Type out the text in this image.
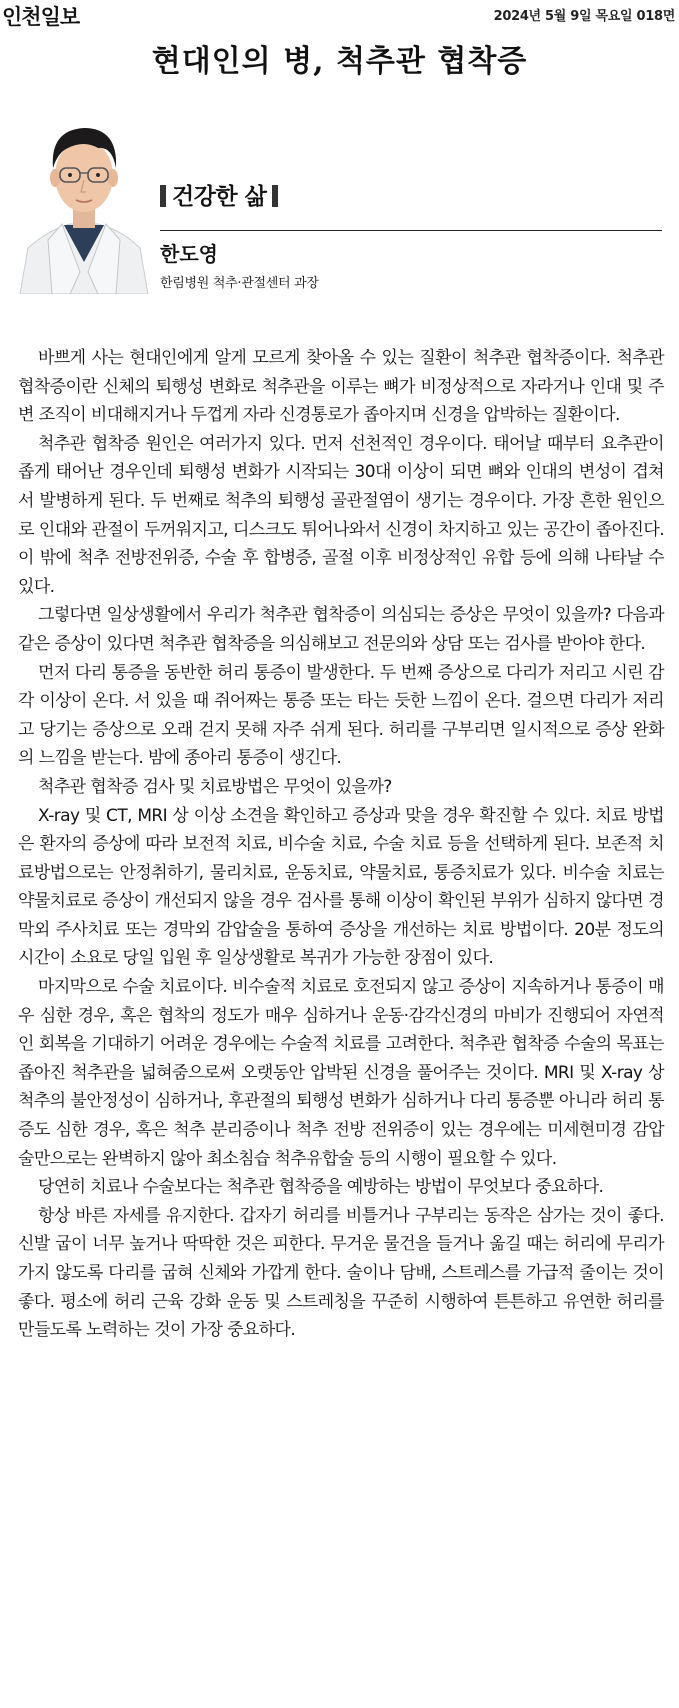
인천일보	2024년 5월 9일 목요일 018면
현대인의 병, 척추관 협착증
건강한 삶
한도영
한림병원 척추·관절센터 과장

바쁘게 사는 현대인에게 알게 모르게 찾아올 수 있는 질환이 척추관 협착증이다. 척추관 협착증이란 신체의 퇴행성 변화로 척추관을 이루는 뼈가 비정상적으로 자라거나 인대 및 주변 조직이 비대해지거나 두껍게 자라 신경통로가 좁아지며 신경을 압박하는 질환이다.

척추관 협착증 원인은 여러가지 있다. 먼저 선천적인 경우이다. 태어날 때부터 요추관이 좁게 태어난 경우인데 퇴행성 변화가 시작되는 30대 이상이 되면 뼈와 인대의 변성이 겹쳐서 발병하게 된다. 두 번째로 척추의 퇴행성 골관절염이 생기는 경우이다. 가장 흔한 원인으로 인대와 관절이 두꺼워지고, 디스크도 튀어나와서 신경이 차지하고 있는 공간이 좁아진다. 이 밖에 척추 전방전위증, 수술 후 합병증, 골절 이후 비정상적인 유합 등에 의해 나타날 수 있다.

그렇다면 일상생활에서 우리가 척추관 협착증이 의심되는 증상은 무엇이 있을까? 다음과 같은 증상이 있다면 척추관 협착증을 의심해보고 전문의와 상담 또는 검사를 받아야 한다.

먼저 다리 통증을 동반한 허리 통증이 발생한다. 두 번째 증상으로 다리가 저리고 시린 감각 이상이 온다. 서 있을 때 쥐어짜는 통증 또는 타는 듯한 느낌이 온다. 걸으면 다리가 저리고 당기는 증상으로 오래 걷지 못해 자주 쉬게 된다. 허리를 구부리면 일시적으로 증상 완화의 느낌을 받는다. 밤에 종아리 통증이 생긴다.

척추관 협착증 검사 및 치료방법은 무엇이 있을까?

X-ray 및 CT, MRI 상 이상 소견을 확인하고 증상과 맞을 경우 확진할 수 있다. 치료 방법은 환자의 증상에 따라 보전적 치료, 비수술 치료, 수술 치료 등을 선택하게 된다. 보존적 치료방법으로는 안정취하기, 물리치료, 운동치료, 약물치료, 통증치료가 있다. 비수술 치료는 약물치료로 증상이 개선되지 않을 경우 검사를 통해 이상이 확인된 부위가 심하지 않다면 경막외 주사치료 또는 경막외 감압술을 통하여 증상을 개선하는 치료 방법이다. 20분 정도의 시간이 소요로 당일 입원 후 일상생활로 복귀가 가능한 장점이 있다.

마지막으로 수술 치료이다. 비수술적 치료로 호전되지 않고 증상이 지속하거나 통증이 매우 심한 경우, 혹은 협착의 정도가 매우 심하거나 운동·감각신경의 마비가 진행되어 자연적인 회복을 기대하기 어려운 경우에는 수술적 치료를 고려한다. 척추관 협착증 수술의 목표는 좁아진 척추관을 넓혀줌으로써 오랫동안 압박된 신경을 풀어주는 것이다. MRI 및 X-ray 상 척추의 불안정성이 심하거나, 후관절의 퇴행성 변화가 심하거나 다리 통증뿐 아니라 허리 통증도 심한 경우, 혹은 척추 분리증이나 척추 전방 전위증이 있는 경우에는 미세현미경 감압술만으로는 완벽하지 않아 최소침습 척추유합술 등의 시행이 필요할 수 있다.

당연히 치료나 수술보다는 척추관 협착증을 예방하는 방법이 무엇보다 중요하다.

항상 바른 자세를 유지한다. 갑자기 허리를 비틀거나 구부리는 동작은 삼가는 것이 좋다. 신발 굽이 너무 높거나 딱딱한 것은 피한다. 무거운 물건을 들거나 옮길 때는 허리에 무리가 가지 않도록 다리를 굽혀 신체와 가깝게 한다. 술이나 담배, 스트레스를 가급적 줄이는 것이 좋다. 평소에 허리 근육 강화 운동 및 스트레칭을 꾸준히 시행하여 튼튼하고 유연한 허리를 만들도록 노력하는 것이 가장 중요하다.
